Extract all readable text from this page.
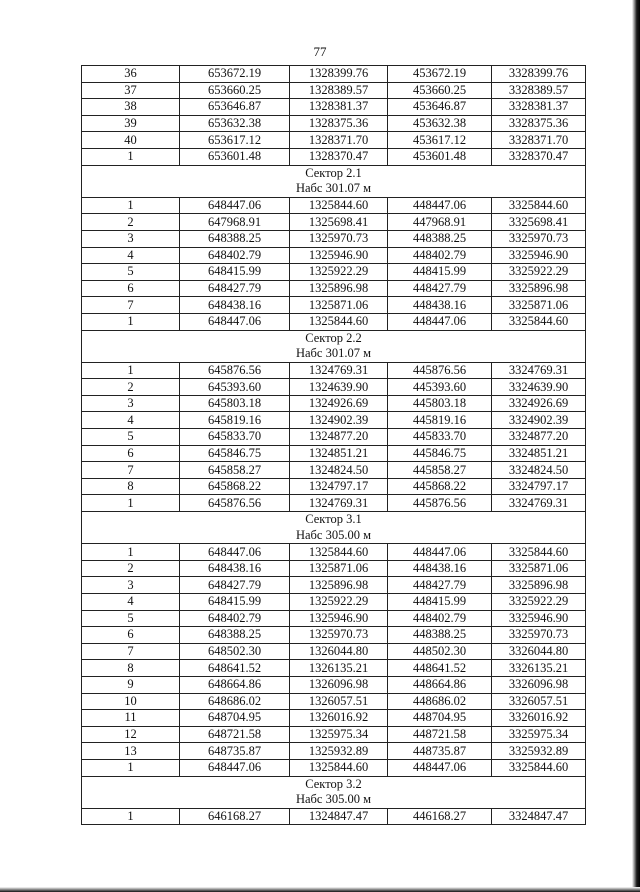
77
36	653672.19	1328399.76	453672.19	3328399.76
37	653660.25	1328389.57	453660.25	3328389.57
38	653646.87	1328381.37	453646.87	3328381.37
39	653632.38	1328375.36	453632.38	3328375.36
40	653617.12	1328371.70	453617.12	3328371.70
1	653601.48	1328370.47	453601.48	3328370.47
Сектор 2.1				
Набс 301.07 м				
1	648447.06	1325844.60	448447.06	3325844.60
2	647968.91	1325698.41	447968.91	3325698.41
3	648388.25	1325970.73	448388.25	3325970.73
4	648402.79	1325946.90	448402.79	3325946.90
5	648415.99	1325922.29	448415.99	3325922.29
6	648427.79	1325896.98	448427.79	3325896.98
7	648438.16	1325871.06	448438.16	3325871.06
1	648447.06	1325844.60	448447.06	3325844.60
Сектор 2.2				
Набс 301.07 м				
1	645876.56	1324769.31	445876.56	3324769.31
2	645393.60	1324639.90	445393.60	3324639.90
3	645803.18	1324926.69	445803.18	3324926.69
4	645819.16	1324902.39	445819.16	3324902.39
5	645833.70	1324877.20	445833.70	3324877.20
6	645846.75	1324851.21	445846.75	3324851.21
7	645858.27	1324824.50	445858.27	3324824.50
8	645868.22	1324797.17	445868.22	3324797.17
1	645876.56	1324769.31	445876.56	3324769.31
Сектор 3.1				
Набс 305.00 м				
1	648447.06	1325844.60	448447.06	3325844.60
2	648438.16	1325871.06	448438.16	3325871.06
3	648427.79	1325896.98	448427.79	3325896.98
4	648415.99	1325922.29	448415.99	3325922.29
5	648402.79	1325946.90	448402.79	3325946.90
6	648388.25	1325970.73	448388.25	3325970.73
7	648502.30	1326044.80	448502.30	3326044.80
8	648641.52	1326135.21	448641.52	3326135.21
9	648664.86	1326096.98	448664.86	3326096.98
10	648686.02	1326057.51	448686.02	3326057.51
11	648704.95	1326016.92	448704.95	3326016.92
12	648721.58	1325975.34	448721.58	3325975.34
13	648735.87	1325932.89	448735.87	3325932.89
1	648447.06	1325844.60	448447.06	3325844.60
Сектор 3.2				
Набс 305.00 м				
1	646168.27	1324847.47	446168.27	3324847.47
